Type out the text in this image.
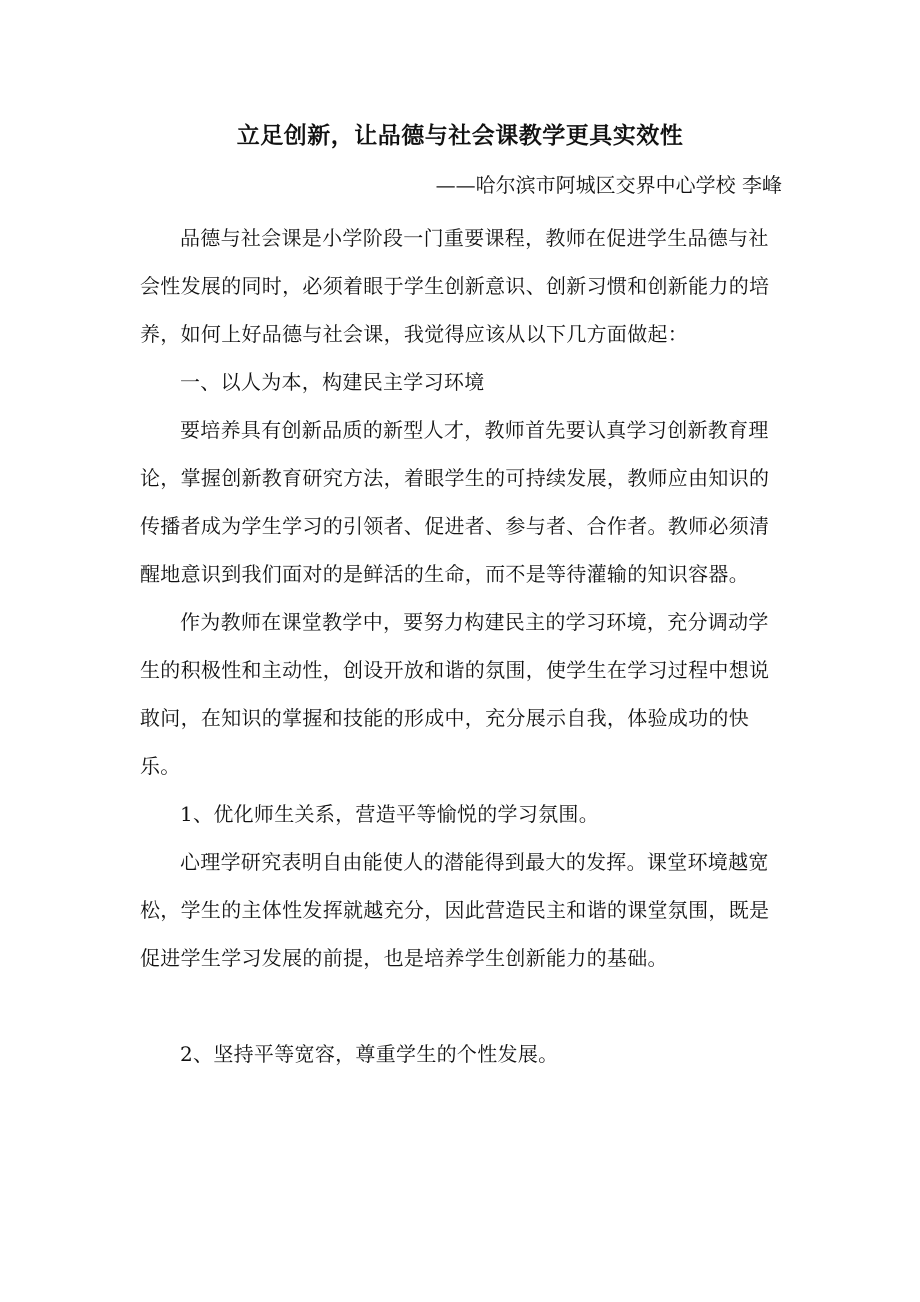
立足创新，让品德与社会课教学更具实效性
——哈尔滨市阿城区交界中心学校 李峰

品德与社会课是小学阶段一门重要课程，教师在促进学生品德与社会性发展的同时，必须着眼于学生创新意识、创新习惯和创新能力的培养，如何上好品德与社会课，我觉得应该从以下几方面做起：

一、以人为本，构建民主学习环境

要培养具有创新品质的新型人才，教师首先要认真学习创新教育理论，掌握创新教育研究方法，着眼学生的可持续发展，教师应由知识的传播者成为学生学习的引领者、促进者、参与者、合作者。教师必须清醒地意识到我们面对的是鲜活的生命，而不是等待灌输的知识容器。

作为教师在课堂教学中，要努力构建民主的学习环境，充分调动学生的积极性和主动性，创设开放和谐的氛围，使学生在学习过程中想说敢问，在知识的掌握和技能的形成中，充分展示自我，体验成功的快乐。

1、优化师生关系，营造平等愉悦的学习氛围。

心理学研究表明自由能使人的潜能得到最大的发挥。课堂环境越宽松，学生的主体性发挥就越充分，因此营造民主和谐的课堂氛围，既是促进学生学习发展的前提，也是培养学生创新能力的基础。

2、坚持平等宽容，尊重学生的个性发展。
